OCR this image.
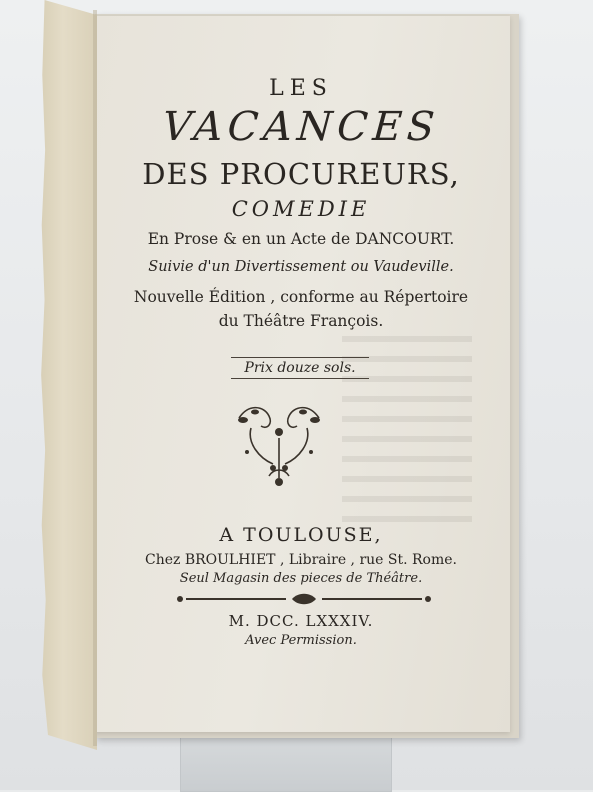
LES
VACANCES
DES PROCUREURS,
COMEDIE
En Prose & en un Acte de DANCOURT.
Suivie d'un Divertissement ou Vaudeville.
Nouvelle Édition , conforme au Répertoire
du Théâtre François.
Prix douze sols.
A TOULOUSE,
Chez BROULHIET , Libraire , rue St. Rome.
Seul Magasin des pieces de Théâtre.
M. DCC. LXXXIV.
Avec Permission.
